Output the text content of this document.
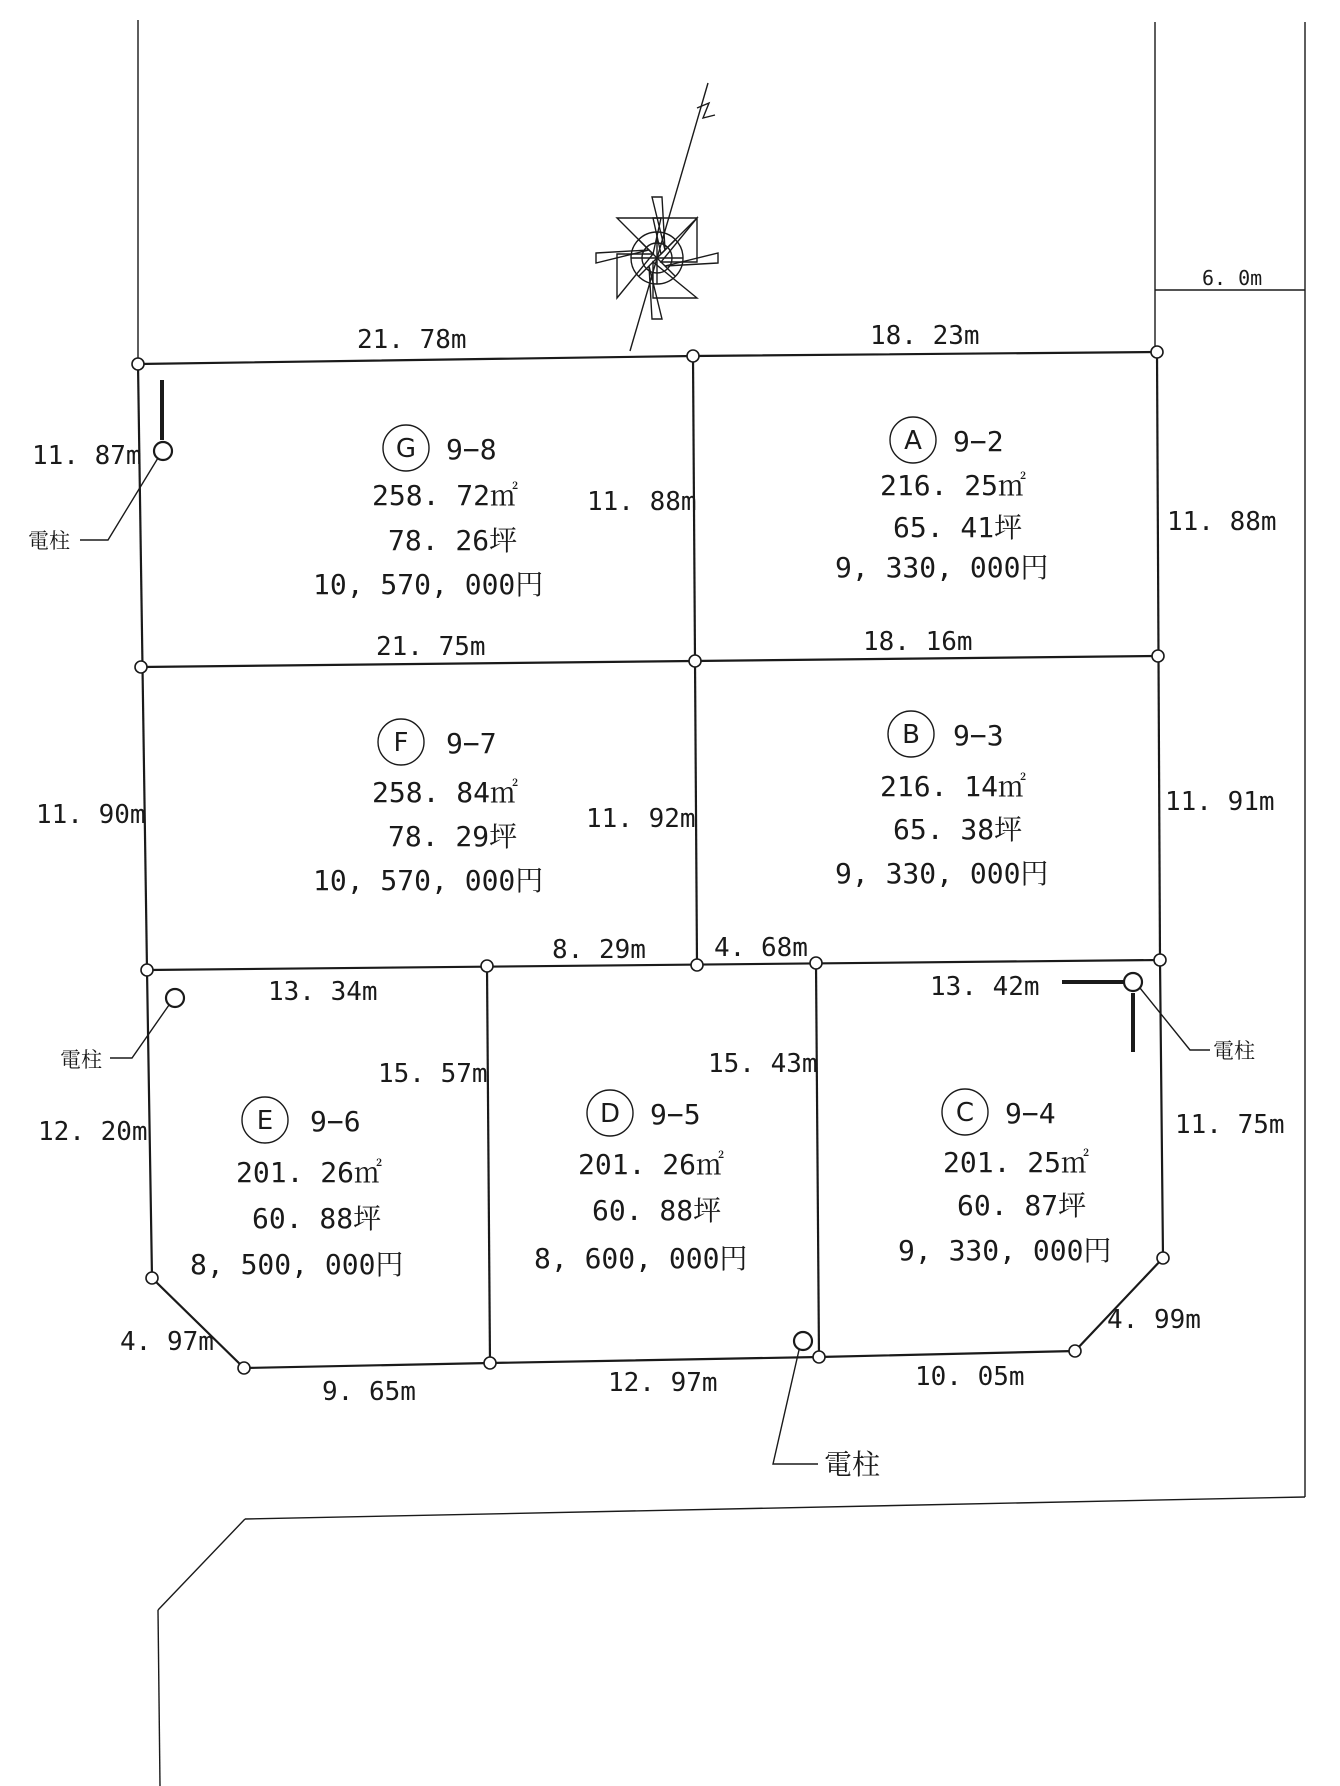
電柱
電柱	電柱
電柱
G 9−8
258. 72㎡
78. 26坪
10, 570, 000円
A 9−2
216. 25㎡
65. 41坪
9, 330, 000円
F 9−7
258. 84㎡
78. 29坪
10, 570, 000円
B 9−3
216. 14㎡
65. 38坪
9, 330, 000円
E 9−6
201. 26㎡
60. 88坪
8, 500, 000円
D 9−5
201. 26㎡
60. 88坪
8, 600, 000円
C 9−4
201. 25㎡
60. 87坪
9, 330, 000円
21. 78m	18. 23m
6. 0m
11. 87m
11. 88m
11. 88m
21. 75m	18. 16m
11. 90m	11. 92m
11. 91m
8. 29m	4. 68m
13. 34m	13. 42m
15. 57m	15. 43m
12. 20m	11. 75m
4. 97m
4. 99m
9. 65m	12. 97m	10. 05m
